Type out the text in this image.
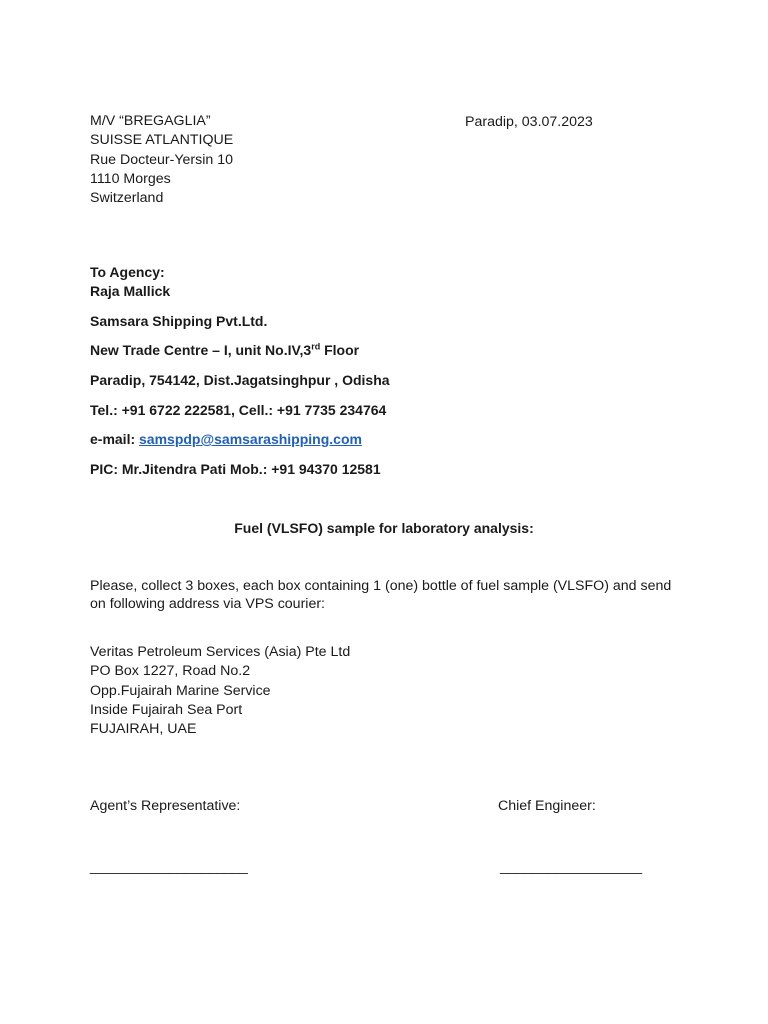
M/V “BREGAGLIA”
SUISSE ATLANTIQUE
Rue Docteur-Yersin 10
1110 Morges
Switzerland
Paradip, 03.07.2023
To Agency:
Raja Mallick
Samsara Shipping Pvt.Ltd.
New Trade Centre – I, unit No.IV,3rd Floor
Paradip, 754142, Dist.Jagatsinghpur , Odisha
Tel.: +91 6722 222581, Cell.: +91 7735 234764
e-mail: samspdp@samsarashipping.com
PIC: Mr.Jitendra Pati Mob.: +91 94370 12581
Fuel (VLSFO) sample for laboratory analysis:
Please, collect 3 boxes, each box containing 1 (one) bottle of fuel sample (VLSFO) and send on following address via VPS courier:
Veritas Petroleum Services (Asia) Pte Ltd
PO Box 1227, Road No.2
Opp.Fujairah Marine Service
Inside Fujairah Sea Port
FUJAIRAH, UAE
Agent’s Representative:	Chief Engineer:
____________________	__________________
